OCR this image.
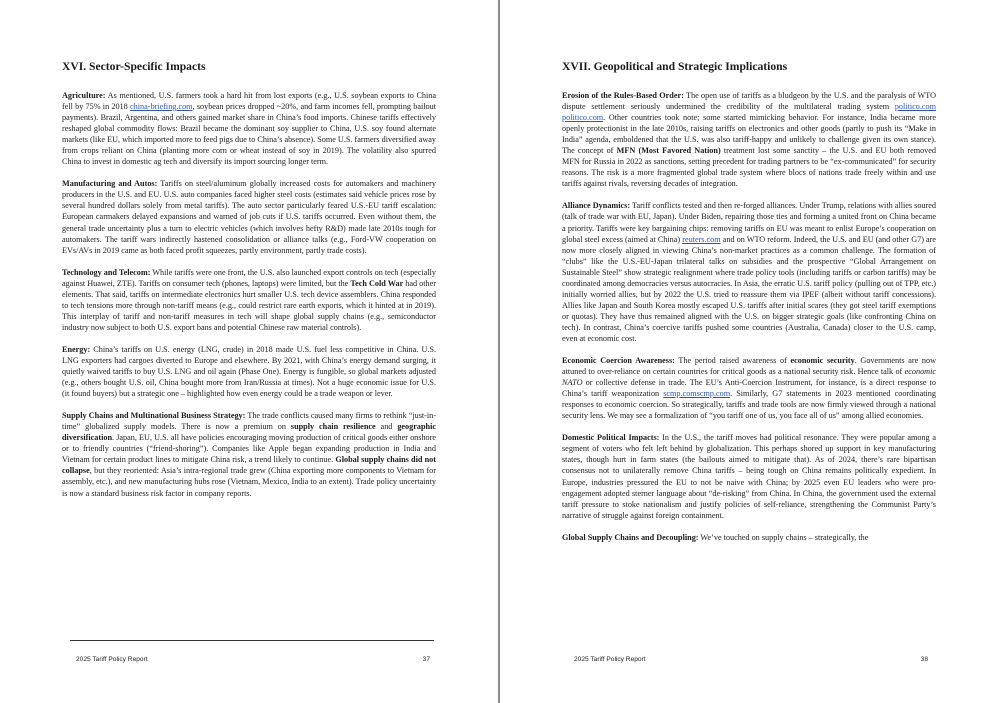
XVI. Sector-Specific Impacts

Agriculture: As mentioned, U.S. farmers took a hard hit from lost exports (e.g., U.S. soybean exports to China fell by 75% in 2018 china-briefing.com, soybean prices dropped ~20%, and farm incomes fell, prompting bailout payments). Brazil, Argentina, and others gained market share in China’s food imports. Chinese tariffs effectively reshaped global commodity flows: Brazil became the dominant soy supplier to China, U.S. soy found alternate markets (like EU, which imported more to feed pigs due to China’s absence). Some U.S. farmers diversified away from crops reliant on China (planting more corn or wheat instead of soy in 2019). The volatility also spurred China to invest in domestic ag tech and diversify its import sourcing longer term.

Manufacturing and Autos: Tariffs on steel/aluminum globally increased costs for automakers and machinery producers in the U.S. and EU. U.S. auto companies faced higher steel costs (estimates said vehicle prices rose by several hundred dollars solely from metal tariffs). The auto sector particularly feared U.S.-EU tariff escalation: European carmakers delayed expansions and warned of job cuts if U.S. tariffs occurred. Even without them, the general trade uncertainty plus a turn to electric vehicles (which involves hefty R&D) made late 2010s tough for automakers. The tariff wars indirectly hastened consolidation or alliance talks (e.g., Ford-VW cooperation on EVs/AVs in 2019 came as both faced profit squeezes, partly environment, partly trade costs).

Technology and Telecom: While tariffs were one front, the U.S. also launched export controls on tech (especially against Huawei, ZTE). Tariffs on consumer tech (phones, laptops) were limited, but the Tech Cold War had other elements. That said, tariffs on intermediate electronics hurt smaller U.S. tech device assemblers. China responded to tech tensions more through non-tariff means (e.g., could restrict rare earth exports, which it hinted at in 2019). This interplay of tariff and non-tariff measures in tech will shape global supply chains (e.g., semiconductor industry now subject to both U.S. export bans and potential Chinese raw material controls).

Energy: China’s tariffs on U.S. energy (LNG, crude) in 2018 made U.S. fuel less competitive in China. U.S. LNG exporters had cargoes diverted to Europe and elsewhere. By 2021, with China’s energy demand surging, it quietly waived tariffs to buy U.S. LNG and oil again (Phase One). Energy is fungible, so global markets adjusted (e.g., others bought U.S. oil, China bought more from Iran/Russia at times). Not a huge economic issue for U.S. (it found buyers) but a strategic one – highlighted how even energy could be a trade weapon or lever.

Supply Chains and Multinational Business Strategy: The trade conflicts caused many firms to rethink “just-in-time” globalized supply models. There is now a premium on supply chain resilience and geographic diversification. Japan, EU, U.S. all have policies encouraging moving production of critical goods either onshore or to friendly countries (“friend-shoring”). Companies like Apple began expanding production in India and Vietnam for certain product lines to mitigate China risk, a trend likely to continue. Global supply chains did not collapse, but they reoriented: Asia’s intra-regional trade grew (China exporting more components to Vietnam for assembly, etc.), and new manufacturing hubs rose (Vietnam, Mexico, India to an extent). Trade policy uncertainty is now a standard business risk factor in company reports.

2025 Tariff Policy Report	37
XVII. Geopolitical and Strategic Implications

Erosion of the Rules-Based Order: The open use of tariffs as a bludgeon by the U.S. and the paralysis of WTO dispute settlement seriously undermined the credibility of the multilateral trading system politico.com politico.com. Other countries took note; some started mimicking behavior. For instance, India became more openly protectionist in the late 2010s, raising tariffs on electronics and other goods (partly to push its “Make in India” agenda, emboldened that the U.S. was also tariff-happy and unlikely to challenge given its own stance). The concept of MFN (Most Favored Nation) treatment lost some sanctity – the U.S. and EU both removed MFN for Russia in 2022 as sanctions, setting precedent for trading partners to be “ex-communicated” for security reasons. The risk is a more fragmented global trade system where blocs of nations trade freely within and use tariffs against rivals, reversing decades of integration.

Alliance Dynamics: Tariff conflicts tested and then re-forged alliances. Under Trump, relations with allies soured (talk of trade war with EU, Japan). Under Biden, repairing those ties and forming a united front on China became a priority. Tariffs were key bargaining chips: removing tariffs on EU was meant to enlist Europe’s cooperation on global steel excess (aimed at China) reuters.com and on WTO reform. Indeed, the U.S. and EU (and other G7) are now more closely aligned in viewing China’s non-market practices as a common challenge. The formation of “clubs” like the U.S.-EU-Japan trilateral talks on subsidies and the prospective “Global Arrangement on Sustainable Steel” show strategic realignment where trade policy tools (including tariffs or carbon tariffs) may be coordinated among democracies versus autocracies. In Asia, the erratic U.S. tariff policy (pulling out of TPP, etc.) initially worried allies, but by 2022 the U.S. tried to reassure them via IPEF (albeit without tariff concessions). Allies like Japan and South Korea mostly escaped U.S. tariffs after initial scares (they got steel tariff exemptions or quotas). They have thus remained aligned with the U.S. on bigger strategic goals (like confronting China on tech). In contrast, China’s coercive tariffs pushed some countries (Australia, Canada) closer to the U.S. camp, even at economic cost.

Economic Coercion Awareness: The period raised awareness of economic security. Governments are now attuned to over-reliance on certain countries for critical goods as a national security risk. Hence talk of economic NATO or collective defense in trade. The EU’s Anti-Coercion Instrument, for instance, is a direct response to China’s tariff weaponization scmp.comscmp.com. Similarly, G7 statements in 2023 mentioned coordinating responses to economic coercion. So strategically, tariffs and trade tools are now firmly viewed through a national security lens. We may see a formalization of “you tariff one of us, you face all of us” among allied economies.

Domestic Political Impacts: In the U.S., the tariff moves had political resonance. They were popular among a segment of voters who felt left behind by globalization. This perhaps shored up support in key manufacturing states, though hurt in farm states (the bailouts aimed to mitigate that). As of 2024, there’s rare bipartisan consensus not to unilaterally remove China tariffs – being tough on China remains politically expedient. In Europe, industries pressured the EU to not be naive with China; by 2025 even EU leaders who were pro-engagement adopted sterner language about “de-risking” from China. In China, the government used the external tariff pressure to stoke nationalism and justify policies of self-reliance, strengthening the Communist Party’s narrative of struggle against foreign containment.

Global Supply Chains and Decoupling: We’ve touched on supply chains – strategically, the

2025 Tariff Policy Report	38
